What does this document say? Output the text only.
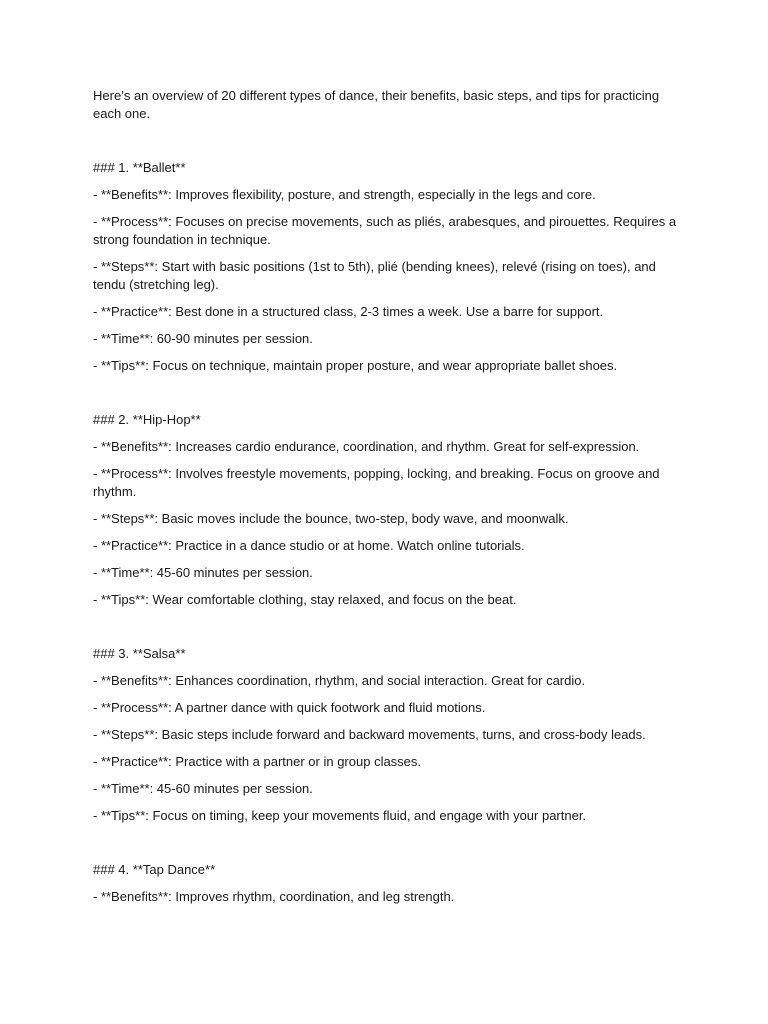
Here’s an overview of 20 different types of dance, their benefits, basic steps, and tips for practicing each one.

### 1. **Ballet**

- **Benefits**: Improves flexibility, posture, and strength, especially in the legs and core.

- **Process**: Focuses on precise movements, such as pliés, arabesques, and pirouettes. Requires a strong foundation in technique.

- **Steps**: Start with basic positions (1st to 5th), plié (bending knees), relevé (rising on toes), and tendu (stretching leg).

- **Practice**: Best done in a structured class, 2-3 times a week. Use a barre for support.

- **Time**: 60-90 minutes per session.

- **Tips**: Focus on technique, maintain proper posture, and wear appropriate ballet shoes.

### 2. **Hip-Hop**

- **Benefits**: Increases cardio endurance, coordination, and rhythm. Great for self-expression.

- **Process**: Involves freestyle movements, popping, locking, and breaking. Focus on groove and rhythm.

- **Steps**: Basic moves include the bounce, two-step, body wave, and moonwalk.

- **Practice**: Practice in a dance studio or at home. Watch online tutorials.

- **Time**: 45-60 minutes per session.

- **Tips**: Wear comfortable clothing, stay relaxed, and focus on the beat.

### 3. **Salsa**

- **Benefits**: Enhances coordination, rhythm, and social interaction. Great for cardio.

- **Process**: A partner dance with quick footwork and fluid motions.

- **Steps**: Basic steps include forward and backward movements, turns, and cross-body leads.

- **Practice**: Practice with a partner or in group classes.

- **Time**: 45-60 minutes per session.

- **Tips**: Focus on timing, keep your movements fluid, and engage with your partner.

### 4. **Tap Dance**

- **Benefits**: Improves rhythm, coordination, and leg strength.
